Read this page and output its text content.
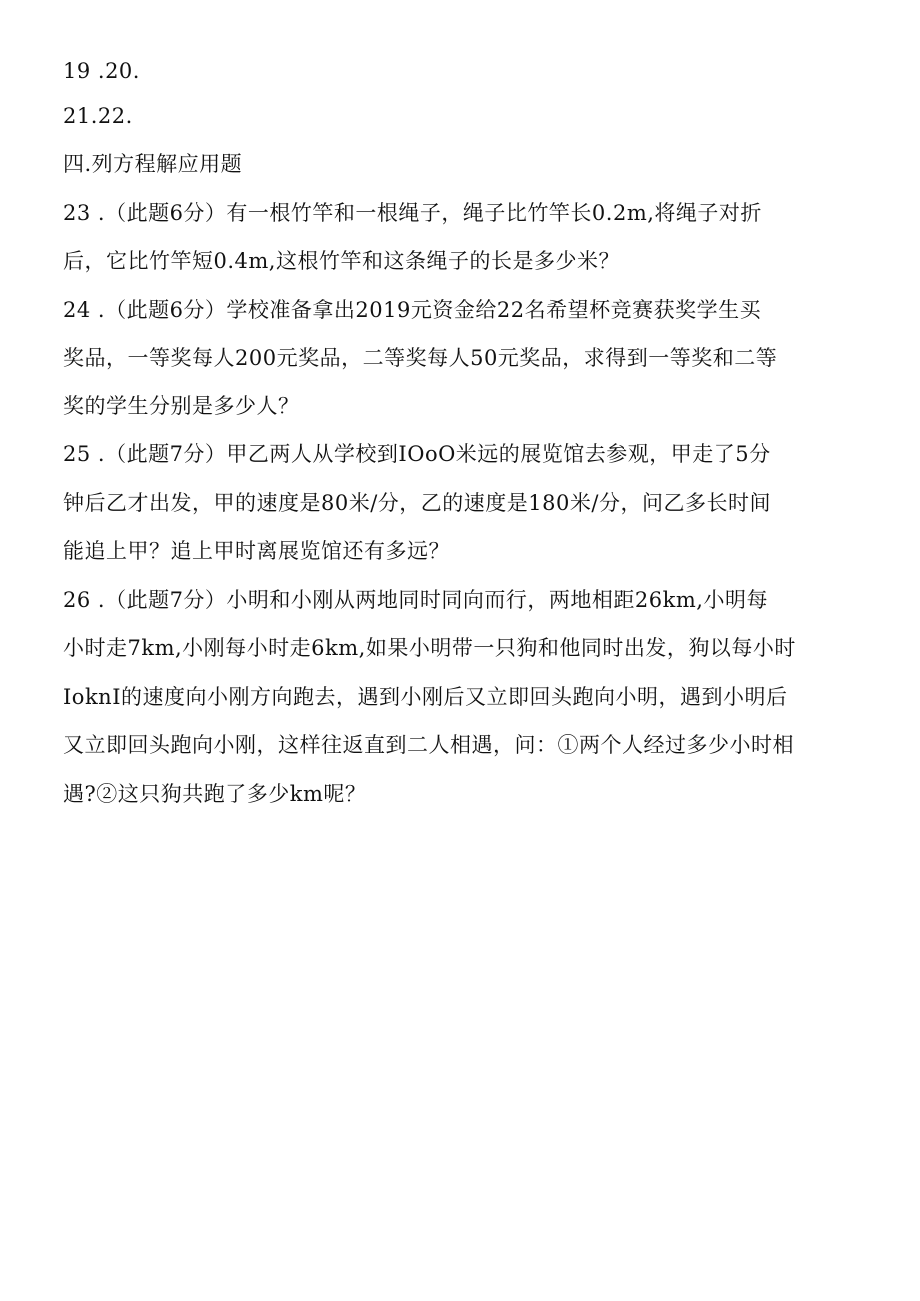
19 .20.
21.22.
四.列方程解应用题
23 .（此题6分）有一根竹竿和一根绳子，绳子比竹竿长0.2m,将绳子对折
后，它比竹竿短0.4m,这根竹竿和这条绳子的长是多少米？
24 .（此题6分）学校准备拿出2019元资金给22名希望杯竞赛获奖学生买
奖品，一等奖每人200元奖品，二等奖每人50元奖品，求得到一等奖和二等
奖的学生分别是多少人？
25 .（此题7分）甲乙两人从学校到IOoO米远的展览馆去参观，甲走了5分
钟后乙才出发，甲的速度是80米/分，乙的速度是180米/分，问乙多长时间
能追上甲？追上甲时离展览馆还有多远？
26 .（此题7分）小明和小刚从两地同时同向而行，两地相距26km,小明每
小时走7km,小刚每小时走6km,如果小明带一只狗和他同时出发，狗以每小时
IoknI的速度向小刚方向跑去，遇到小刚后又立即回头跑向小明，遇到小明后
又立即回头跑向小刚，这样往返直到二人相遇，问：①两个人经过多少小时相
遇?②这只狗共跑了多少km呢？
